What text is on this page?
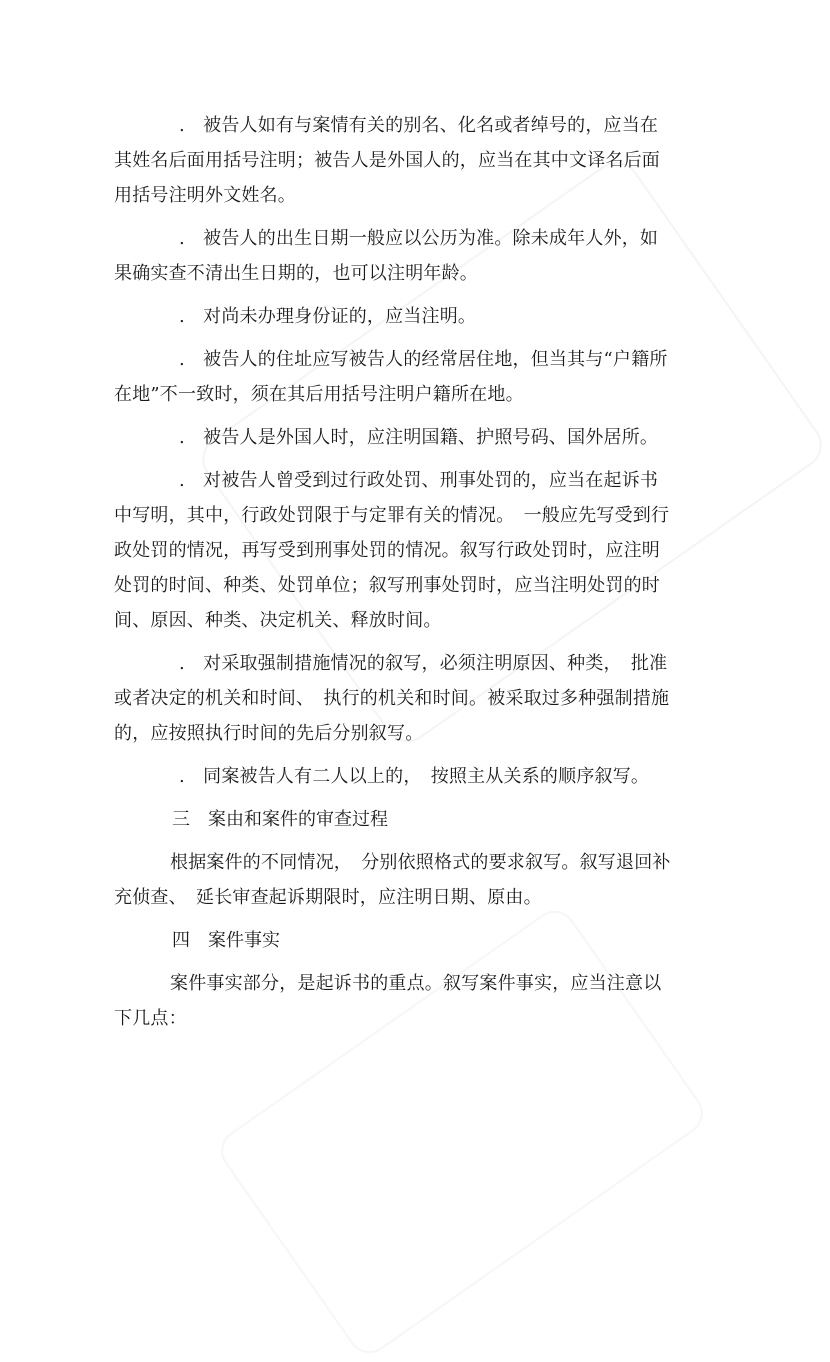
.　被告人如有与案情有关的别名、化名或者绰号的，应当在其姓名后面用括号注明；被告人是外国人的，应当在其中文译名后面用括号注明外文姓名。

.　被告人的出生日期一般应以公历为准。除未成年人外，如果确实查不清出生日期的，也可以注明年龄。

.　对尚未办理身份证的，应当注明。

.　被告人的住址应写被告人的经常居住地，但当其与“户籍所在地”不一致时，须在其后用括号注明户籍所在地。

.　被告人是外国人时，应注明国籍、护照号码、国外居所。

.　对被告人曾受到过行政处罚、刑事处罚的，应当在起诉书中写明，其中，行政处罚限于与定罪有关的情况。　一般应先写受到行政处罚的情况，再写受到刑事处罚的情况。叙写行政处罚时，应注明处罚的时间、种类、处罚单位；叙写刑事处罚时，应当注明处罚的时间、原因、种类、决定机关、释放时间。

.　对采取强制措施情况的叙写，必须注明原因、种类，　批准或者决定的机关和时间、　执行的机关和时间。被采取过多种强制措施的，应按照执行时间的先后分别叙写。

.　同案被告人有二人以上的，　按照主从关系的顺序叙写。

三　案由和案件的审查过程

根据案件的不同情况，　分别依照格式的要求叙写。叙写退回补充侦查、　延长审查起诉期限时，应注明日期、原由。

四　案件事实

案件事实部分，是起诉书的重点。叙写案件事实，应当注意以下几点：
